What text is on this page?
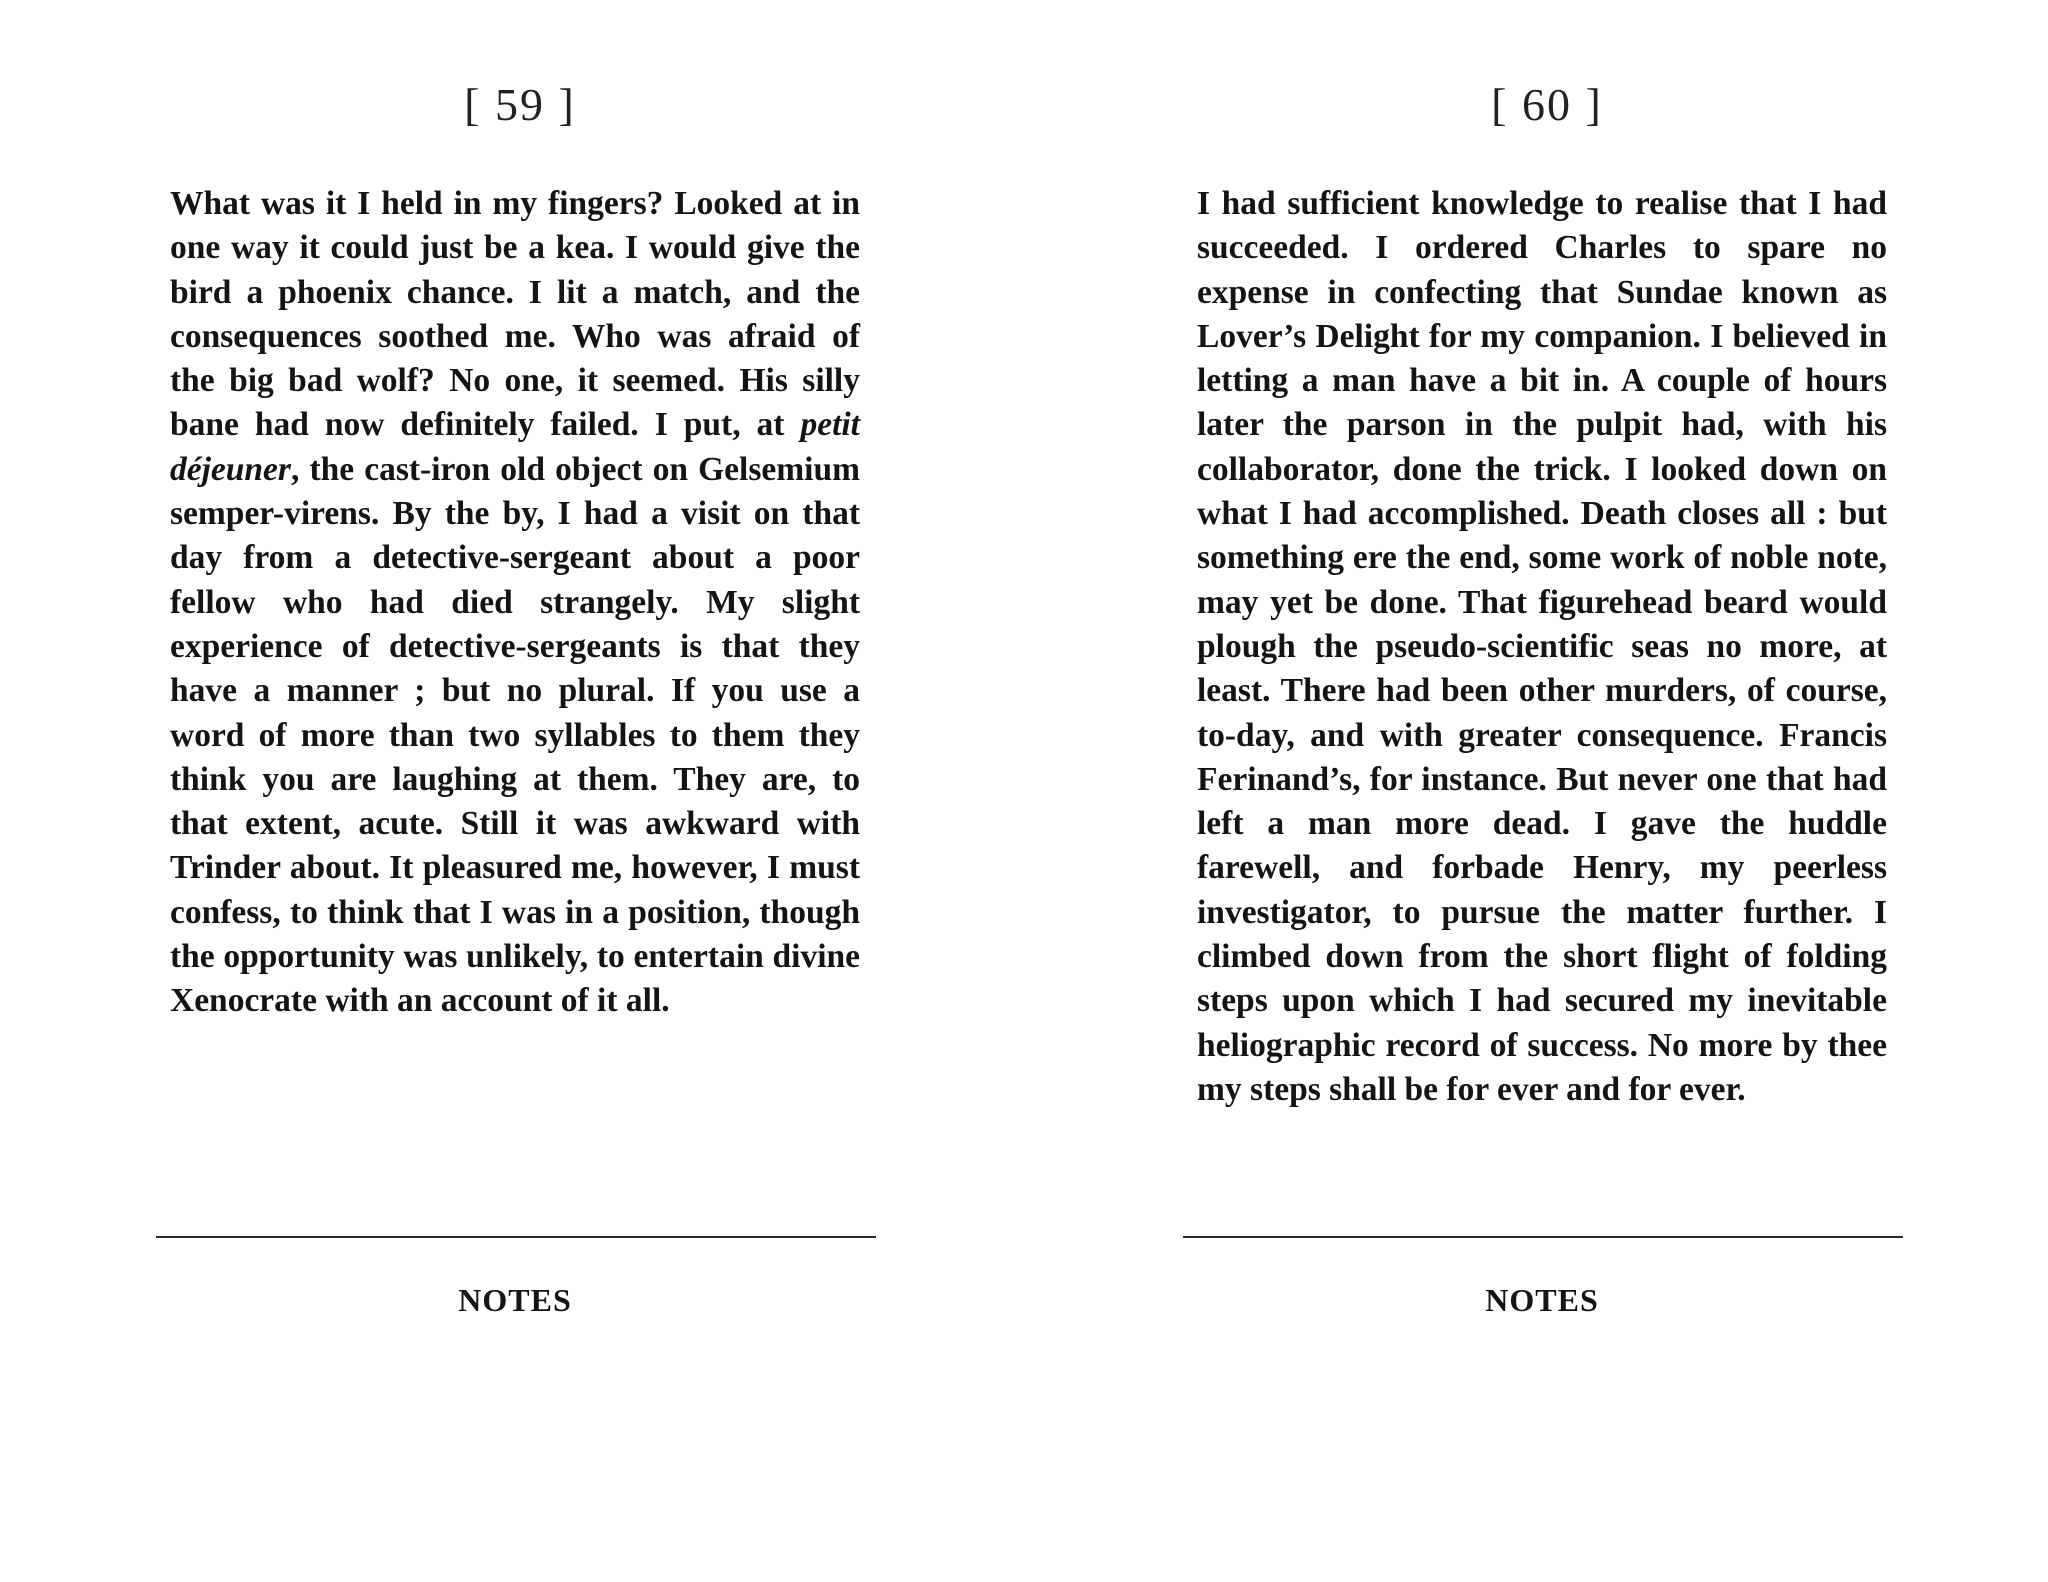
[ 59 ]

What was it I held in my fingers? Looked at in one way it could just be a kea. I would give the bird a phoenix chance. I lit a match, and the consequences soothed me. Who was afraid of the big bad wolf? No one, it seemed. His silly bane had now definitely failed. I put, at petit déjeuner, the cast-iron old object on Gelsemium semper-virens. By the by, I had a visit on that day from a detective-sergeant about a poor fellow who had died strangely. My slight experience of detective-sergeants is that they have a manner ; but no plural. If you use a word of more than two syllables to them they think you are laughing at them. They are, to that extent, acute. Still it was awkward with Trinder about. It pleasured me, however, I must confess, to think that I was in a position, though the opportunity was unlikely, to entertain divine Xenocrate with an account of it all.

NOTES
[ 60 ]

I had sufficient knowledge to realise that I had succeeded. I ordered Charles to spare no expense in confecting that Sundae known as Lover’s Delight for my companion. I believed in letting a man have a bit in. A couple of hours later the parson in the pulpit had, with his collaborator, done the trick. I looked down on what I had accomplished. Death closes all : but something ere the end, some work of noble note, may yet be done. That figurehead beard would plough the pseudo-scientific seas no more, at least. There had been other murders, of course, to-day, and with greater consequence. Francis Ferinand’s, for instance. But never one that had left a man more dead. I gave the huddle farewell, and forbade Henry, my peerless investigator, to pursue the matter further. I climbed down from the short flight of folding steps upon which I had secured my inevitable heliographic record of success. No more by thee my steps shall be for ever and for ever.

NOTES
